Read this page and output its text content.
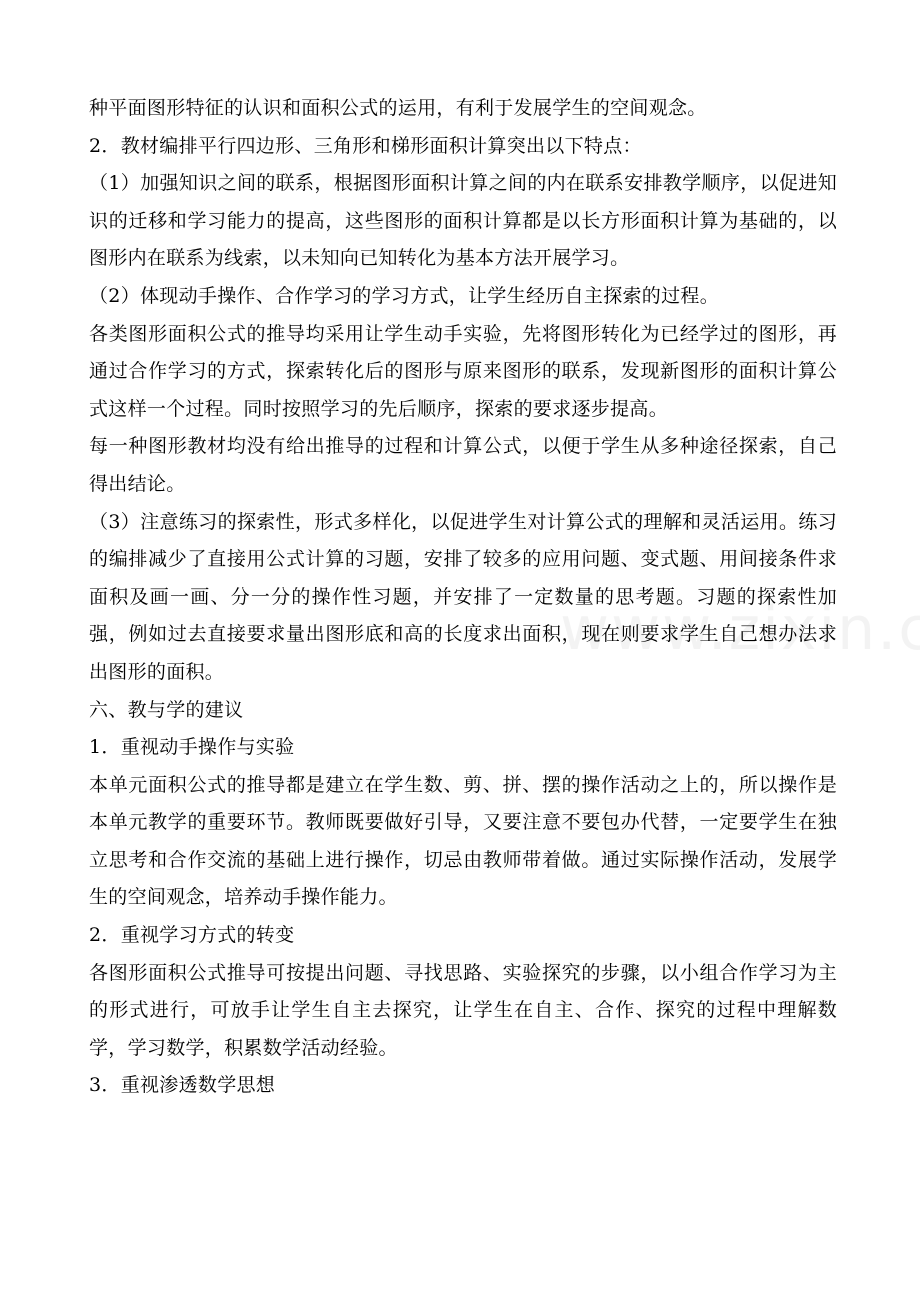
种平面图形特征的认识和面积公式的运用，有利于发展学生的空间观念。

2．教材编排平行四边形、三角形和梯形面积计算突出以下特点：

（1）加强知识之间的联系，根据图形面积计算之间的内在联系安排教学顺序，以促进知识的迁移和学习能力的提高，这些图形的面积计算都是以长方形面积计算为基础的，以图形内在联系为线索，以未知向已知转化为基本方法开展学习。

（2）体现动手操作、合作学习的学习方式，让学生经历自主探索的过程。

各类图形面积公式的推导均采用让学生动手实验，先将图形转化为已经学过的图形，再通过合作学习的方式，探索转化后的图形与原来图形的联系，发现新图形的面积计算公式这样一个过程。同时按照学习的先后顺序，探索的要求逐步提高。

每一种图形教材均没有给出推导的过程和计算公式，以便于学生从多种途径探索，自己得出结论。

（3）注意练习的探索性，形式多样化，以促进学生对计算公式的理解和灵活运用。练习的编排减少了直接用公式计算的习题，安排了较多的应用问题、变式题、用间接条件求面积及画一画、分一分的操作性习题，并安排了一定数量的思考题。习题的探索性加强，例如过去直接要求量出图形底和高的长度求出面积，现在则要求学生自己想办法求出图形的面积。

六、教与学的建议

1．重视动手操作与实验

本单元面积公式的推导都是建立在学生数、剪、拼、摆的操作活动之上的，所以操作是本单元教学的重要环节。教师既要做好引导，又要注意不要包办代替，一定要学生在独立思考和合作交流的基础上进行操作，切忌由教师带着做。通过实际操作活动，发展学生的空间观念，培养动手操作能力。

2．重视学习方式的转变

各图形面积公式推导可按提出问题、寻找思路、实验探究的步骤，以小组合作学习为主的形式进行，可放手让学生自主去探究，让学生在自主、合作、探究的过程中理解数学，学习数学，积累数学活动经验。

3．重视渗透数学思想
